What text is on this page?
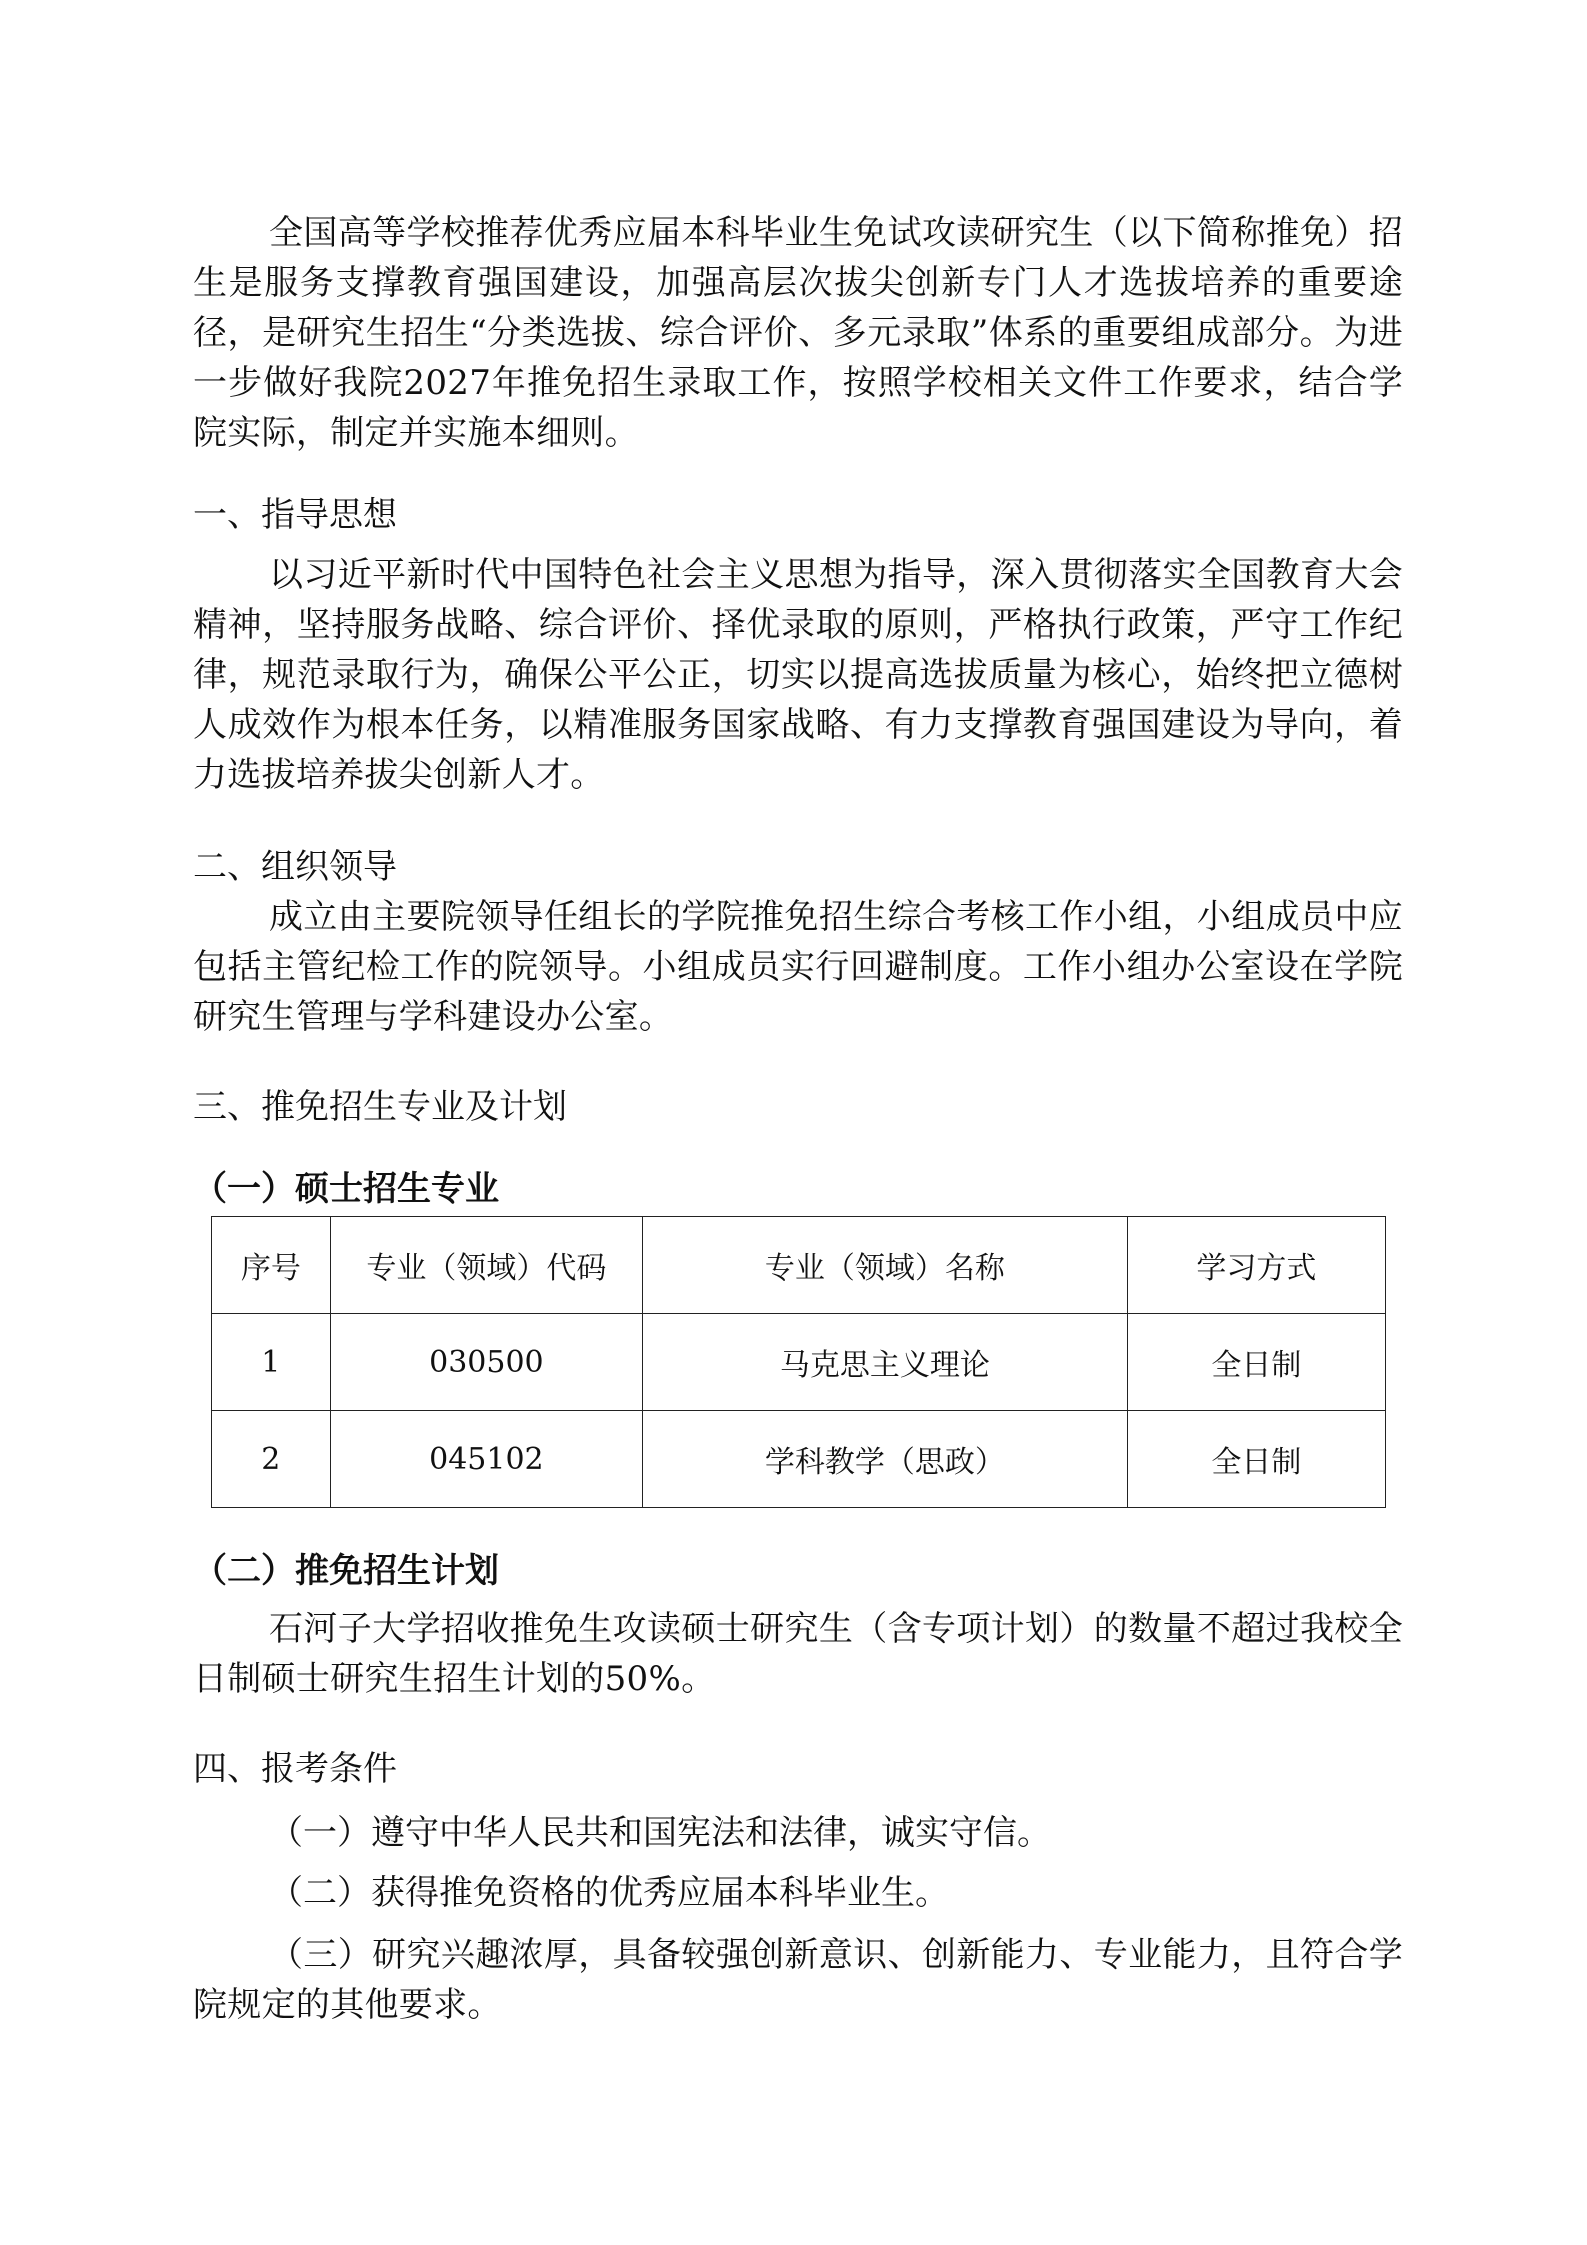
全国高等学校推荐优秀应届本科毕业生免试攻读研究生（以下简称推免）招生是服务支撑教育强国建设，加强高层次拔尖创新专门人才选拔培养的重要途径，是研究生招生“分类选拔、综合评价、多元录取”体系的重要组成部分。为进一步做好我院2027年推免招生录取工作，按照学校相关文件工作要求，结合学院实际，制定并实施本细则。

一、指导思想

以习近平新时代中国特色社会主义思想为指导，深入贯彻落实全国教育大会精神，坚持服务战略、综合评价、择优录取的原则，严格执行政策，严守工作纪律，规范录取行为，确保公平公正，切实以提高选拔质量为核心，始终把立德树人成效作为根本任务，以精准服务国家战略、有力支撑教育强国建设为导向，着力选拔培养拔尖创新人才。

二、组织领导

成立由主要院领导任组长的学院推免招生综合考核工作小组，小组成员中应包括主管纪检工作的院领导。小组成员实行回避制度。工作小组办公室设在学院研究生管理与学科建设办公室。

三、推免招生专业及计划
（一）硕士招生专业
序号	专业（领域）代码	专业（领域）名称	学习方式
1	030500	马克思主义理论	全日制
2	045102	学科教学（思政）	全日制
（二）推免招生计划

石河子大学招收推免生攻读硕士研究生（含专项计划）的数量不超过我校全日制硕士研究生招生计划的50%。

四、报考条件

（一）遵守中华人民共和国宪法和法律，诚实守信。

（二）获得推免资格的优秀应届本科毕业生。

（三）研究兴趣浓厚，具备较强创新意识、创新能力、专业能力，且符合学院规定的其他要求。
